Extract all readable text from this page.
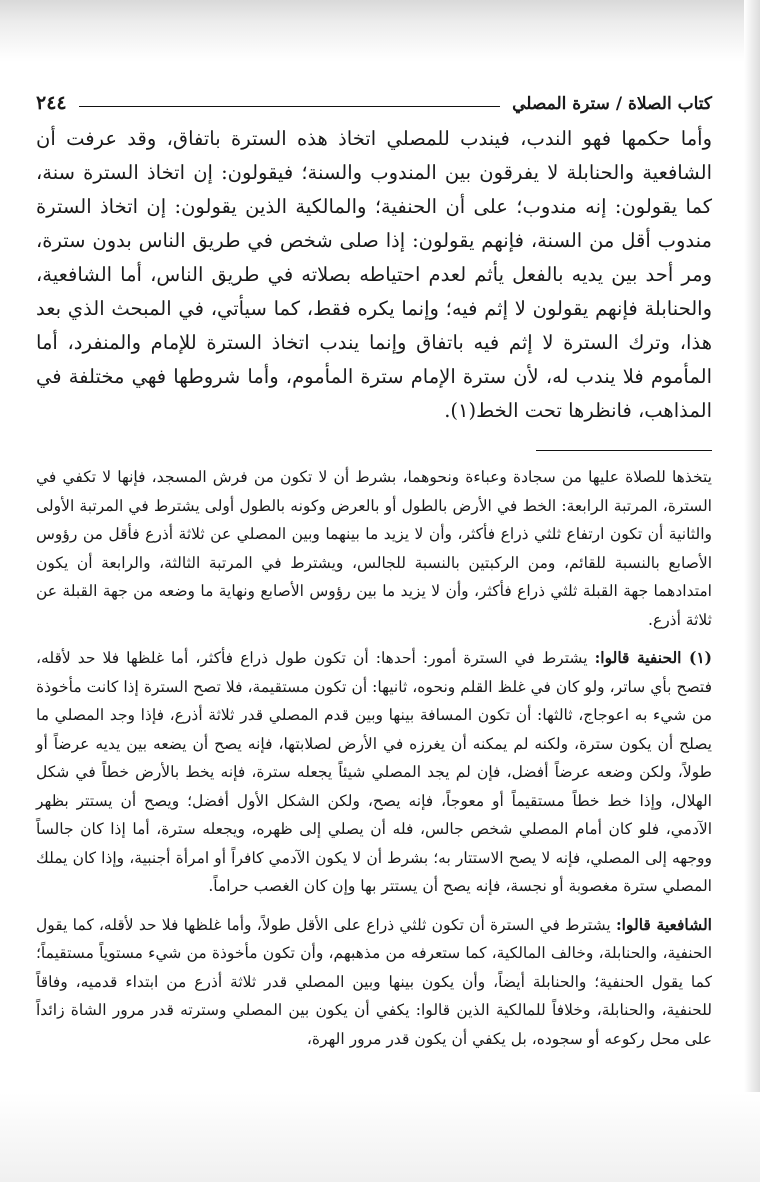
كتاب الصلاة / سترة المصلي
٢٤٤

وأما حكمها فهو الندب، فيندب للمصلي اتخاذ هذه السترة باتفاق، وقد عرفت أن الشافعية والحنابلة لا يفرقون بين المندوب والسنة؛ فيقولون: إن اتخاذ السترة سنة، كما يقولون: إنه مندوب؛ على أن الحنفية؛ والمالكية الذين يقولون: إن اتخاذ السترة مندوب أقل من السنة، فإنهم يقولون: إذا صلى شخص في طريق الناس بدون سترة، ومر أحد بين يديه بالفعل يأثم لعدم احتياطه بصلاته في طريق الناس، أما الشافعية، والحنابلة فإنهم يقولون لا إثم فيه؛ وإنما يكره فقط، كما سيأتي، في المبحث الذي بعد هذا، وترك السترة لا إثم فيه باتفاق وإنما يندب اتخاذ السترة للإمام والمنفرد، أما المأموم فلا يندب له، لأن سترة الإمام سترة المأموم، وأما شروطها فهي مختلفة في المذاهب، فانظرها تحت الخط(١).

يتخذها للصلاة عليها من سجادة وعباءة ونحوهما، بشرط أن لا تكون من فرش المسجد، فإنها لا تكفي في السترة، المرتبة الرابعة: الخط في الأرض بالطول أو بالعرض وكونه بالطول أولى يشترط في المرتبة الأولى والثانية أن تكون ارتفاع ثلثي ذراع فأكثر، وأن لا يزيد ما بينهما وبين المصلي عن ثلاثة أذرع فأقل من رؤوس الأصابع بالنسبة للقائم، ومن الركبتين بالنسبة للجالس، ويشترط في المرتبة الثالثة، والرابعة أن يكون امتدادهما جهة القبلة ثلثي ذراع فأكثر، وأن لا يزيد ما بين رؤوس الأصابع ونهاية ما وضعه من جهة القبلة عن ثلاثة أذرع.

(١) الحنفية قالوا: يشترط في السترة أمور: أحدها: أن تكون طول ذراع فأكثر، أما غلظها فلا حد لأقله، فتصح بأي ساتر، ولو كان في غلظ القلم ونحوه، ثانيها: أن تكون مستقيمة، فلا تصح السترة إذا كانت مأخوذة من شيء به اعوجاج، ثالثها: أن تكون المسافة بينها وبين قدم المصلي قدر ثلاثة أذرع، فإذا وجد المصلي ما يصلح أن يكون سترة، ولكنه لم يمكنه أن يغرزه في الأرض لصلابتها، فإنه يصح أن يضعه بين يديه عرضاً أو طولاً، ولكن وضعه عرضاً أفضل، فإن لم يجد المصلي شيئاً يجعله سترة، فإنه يخط بالأرض خطاً في شكل الهلال، وإذا خط خطاً مستقيماً أو معوجاً، فإنه يصح، ولكن الشكل الأول أفضل؛ ويصح أن يستتر بظهر الآدمي، فلو كان أمام المصلي شخص جالس، فله أن يصلي إلى ظهره، ويجعله سترة، أما إذا كان جالساً ووجهه إلى المصلي، فإنه لا يصح الاستتار به؛ بشرط أن لا يكون الآدمي كافراً أو امرأة أجنبية، وإذا كان يملك المصلي سترة مغصوبة أو نجسة، فإنه يصح أن يستتر بها وإن كان الغصب حراماً.

الشافعية قالوا: يشترط في السترة أن تكون ثلثي ذراع على الأقل طولاً، وأما غلظها فلا حد لأقله، كما يقول الحنفية، والحنابلة، وخالف المالكية، كما ستعرفه من مذهبهم، وأن تكون مأخوذة من شيء مستوياً مستقيماً؛ كما يقول الحنفية؛ والحنابلة أيضاً، وأن يكون بينها وبين المصلي قدر ثلاثة أذرع من ابتداء قدميه، وفاقاً للحنفية، والحنابلة، وخلافاً للمالكية الذين قالوا: يكفي أن يكون بين المصلي وسترته قدر مرور الشاة زائداً على محل ركوعه أو سجوده، بل يكفي أن يكون قدر مرور الهرة،
